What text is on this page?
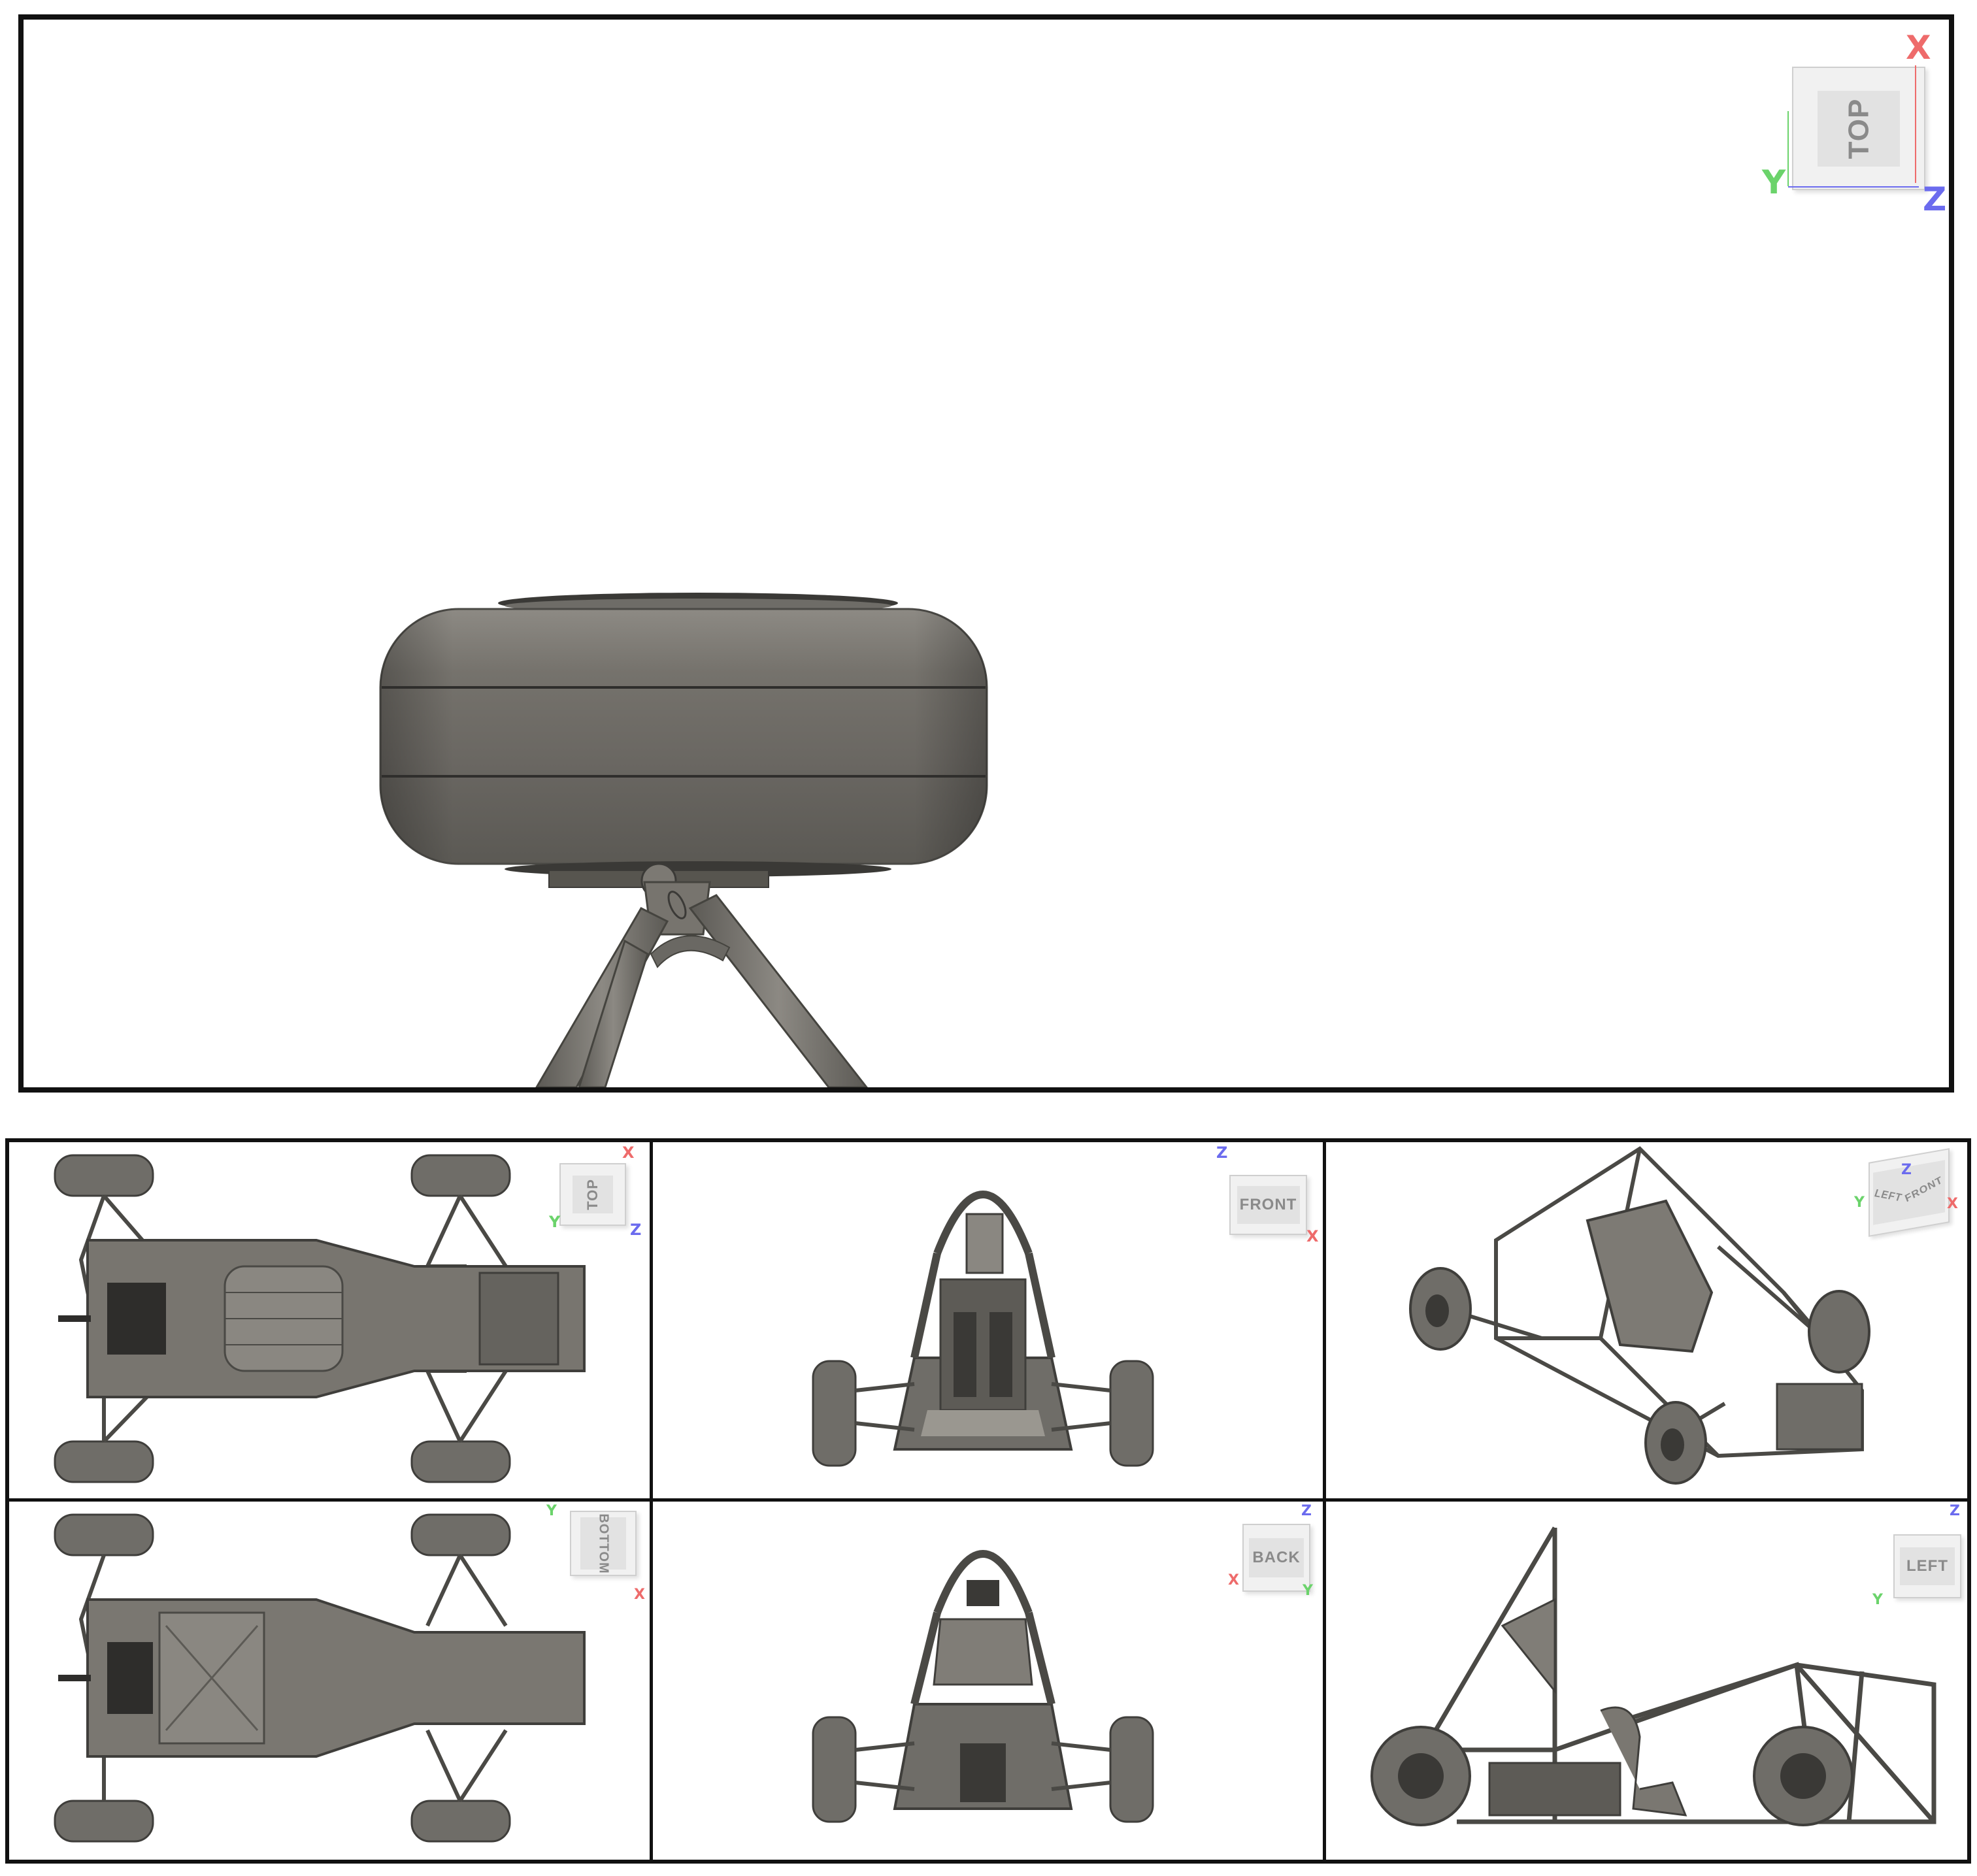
TOP
X
Y	Z
TOP
X
Y	Z
FRONT
Z
X
LEFT FRONT
Z
Y	X
BOTTOM
Y
X
BACK
Z
X
Y
LEFT
Z
Y
